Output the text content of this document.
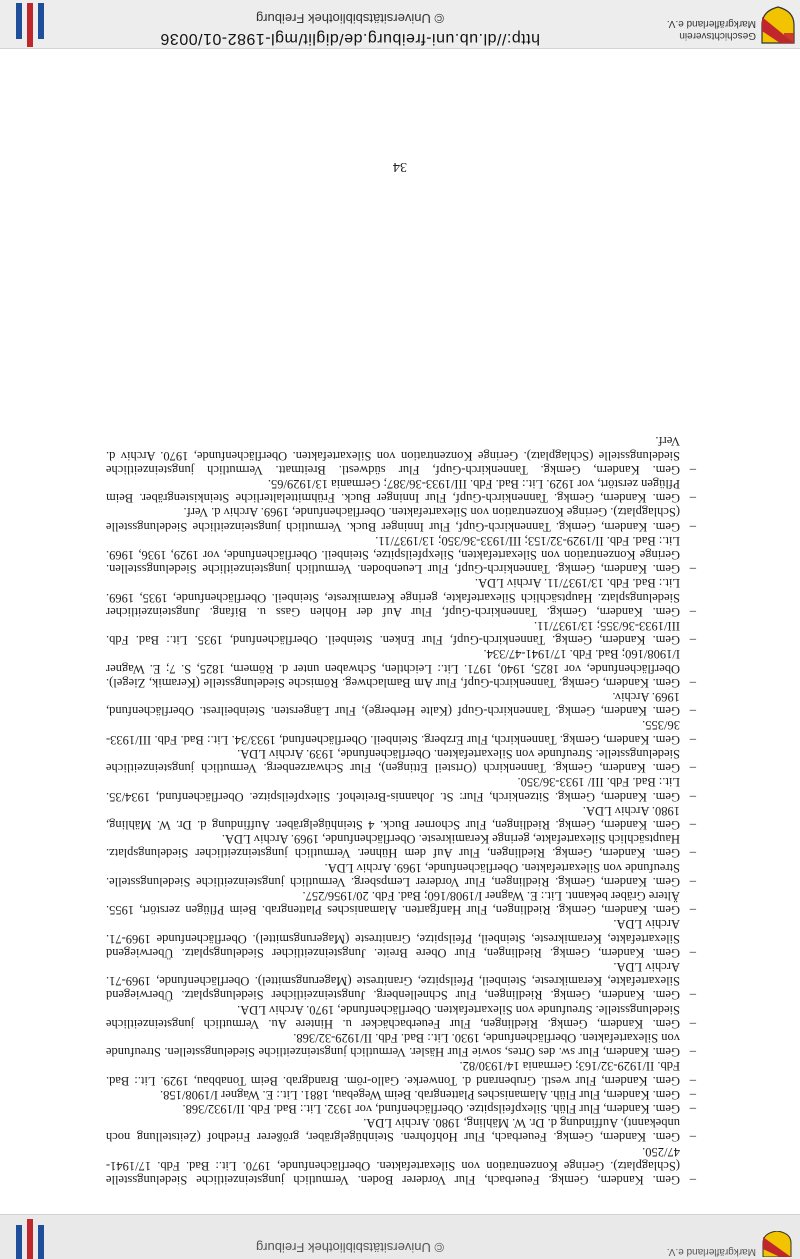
Markgräflerland e.V.
© Universitätsbibliothek Freiburg
–
Gem. Kandern, Gemkg. Feuerbach, Flur Vorderer Boden. Vermutlich jungsteinzeitliche Siedelungsstelle (Schlagplatz). Geringe Konzentration von Silexartefakten. Oberflächenfunde, 1970. Lit.: Bad. Fdb. 17/1941-47/250.
–
Gem. Kandern, Gemkg. Feuerbach, Flur Hohfohren. Steinhügelgräber, größerer Friedhof (Zeitstellung noch unbekannt). Auffindung d. Dr. W. Mähling, 1980. Archiv LDA.
–
Gem. Kandern, Flur Flüh. Silexpfeilspitze. Oberflächenfund, vor 1932. Lit.: Bad. Fdb. II/1932/368.
–
Gem. Kandern, Flur Flüh. Alamanisches Plattengrab. Beim Wegebau, 1881. Lit.: E. Wagner I/1908/158.
–
Gem. Kandern, Flur westl. Grubenrand d. Tonwerke. Gallo-röm. Brandgrab. Beim Tonabbau, 1929. Lit.: Bad. Fdb. II/1929-32/163; Germania 14/1930/82.
–
Gem. Kandern, Flur sw. des Ortes, sowie Flur Häsler. Vermutlich jungsteinzeitliche Siedelungsstellen. Streufunde von Silexartefakten. Oberflächenfunde, 1930. Lit.: Bad. Fdb. II/1929-32/368.
–
Gem. Kandern, Gemkg. Riedlingen, Flur Feuerbachäcker u. Hintere Au. Vermutlich jungsteinzeitliche Siedelungsstelle. Streufunde von Silexartefakten. Oberflächenfunde, 1970. Archiv LDA.
–
Gem. Kandern, Gemkg. Riedlingen, Flur Schnellenberg. Jungsteinzeitlicher Siedelungsplatz. Überwiegend Silexartefakte, Keramikreste, Steinbeil, Pfeilspitze, Granitreste (Magerungsmittel). Oberflächenfunde, 1969-71. Archiv LDA.
–
Gem. Kandern, Gemkg. Riedlingen, Flur Obere Breite. Jungsteinzeitlicher Siedelungsplatz. Überwiegend Silexartefakte, Keramikreste, Steinbeil, Pfeilspitze, Granitreste (Magerungsmittel). Oberflächenfunde 1969-71. Archiv LDA.
–
Gem. Kandern, Gemkg. Riedlingen, Flur Hanfgarten. Alamanisches Plattengrab. Beim Pflügen zerstört, 1955. Ältere Gräber bekannt. Lit.: E. Wagner I/1908/160; Bad. Fdb. 20/1956/257.
–
Gem. Kandern, Gemkg. Riedlingen, Flur Vorderer Lempsberg. Vermutlich jungsteinzeitliche Siedelungsstelle. Streufunde von Silexartefakten. Oberflächenfunde, 1969. Archiv LDA.
–
Gem. Kandern, Gemkg. Riedlingen, Flur Auf dem Hühner. Vermutlich jungsteinzeitlicher Siedelungsplatz. Hauptsächlich Silexartefakte, geringe Keramikreste. Oberflächenfunde, 1969. Archiv LDA.
–
Gem. Kandern, Gemkg. Riedlingen, Flur Schorner Buck. 4 Steinhügelgräber. Auffindung d. Dr. W. Mähling, 1980. Archiv LDA.
–
Gem. Kandern, Gemkg. Sitzenkirch, Flur: St. Johannis-Breitehof. Silexpfeilspitze. Oberflächenfund, 1934/35. Lit.: Bad. Fdb. III/ 1933-36/350.
–
Gem. Kandern, Gemkg. Tannenkirch (Ortsteil Ettingen), Flur Schwarzenberg. Vermutlich jungsteinzeitliche Siedelungsstelle. Streufunde von Silexartefakten. Oberflächenfunde, 1939. Archiv LDA.
–
Gem. Kandern, Gemkg. Tannenkirch, Flur Erzberg. Steinbeil. Oberflächenfund, 1933/34. Lit.: Bad. Fdb. III/1933-36/355.
–
Gem. Kandern, Gemkg. Tannenkirch-Gupf (Kalte Herberge), Flur Längersten. Steinbeilrest. Oberflächenfund, 1969. Archiv.
–
Gem. Kandern, Gemkg. Tannenkirch-Gupf, Flur Am Bamlachweg. Römische Siedelungsstelle (Keramik, Ziegel). Oberflächenfunde, vor 1825, 1940, 1971. Lit.: Leichtlen, Schwaben unter d. Römern, 1825, S. 7; E. Wagner I/1908/160; Bad. Fdb. 17/1941-47/334.
–
Gem. Kandern, Gemkg. Tannenkirch-Gupf, Flur Enken. Steinbeil. Oberflächenfund, 1935. Lit.: Bad. Fdb. III/1933-36/355; 13/1937/11.
–
Gem. Kandern, Gemkg. Tannenkirch-Gupf, Flur Auf der Hohlen Gass u. Bifang. Jungsteinzeitlicher Siedelungsplatz. Hauptsächlich Silexartefakte, geringe Keramikreste, Steinbeil. Oberflächenfunde, 1935, 1969. Lit.: Bad. Fdb. 13/1937/11. Archiv LDA.
–
Gem. Kandern, Gemkg. Tannenkirch-Gupf, Flur Leuenboden. Vermutlich jungsteinzeitliche Siedelungsstellen. Geringe Konzentration von Silexartefakten, Silexpfeilspitze, Steinbeil. Oberflächenfunde, vor 1929, 1936, 1969. Lit.: Bad. Fdb. II/1929-32/153; III/1933-36/350; 13/1937/11.
–
Gem. Kandern, Gemkg. Tannenkirch-Gupf, Flur Inninger Buck. Vermutlich jungsteinzeitliche Siedelungsstelle (Schlagplatz). Geringe Konzentration von Silexartefakten. Oberflächenfunde, 1969. Archiv d. Verf.
–
Gem. Kandern, Gemkg. Tannenkirch-Gupf, Flur Inninger Buck. Frühmittelalterliche Steinkistengräber. Beim Pflügen zerstört, vor 1929. Lit.: Bad. Fdb. III/1933-36/387; Germania 13/1929/65.
–
Gem. Kandern, Gemkg. Tannenkirch-Gupf, Flur südwestl. Breitmatt. Vermutlich jungsteinzeitliche Siedelungsstelle (Schlagplatz). Geringe Konzentration von Silexartefakten. Oberflächenfunde, 1970. Archiv d. Verf.
34
Geschichtsverein
Markgräflerland e.V.
http://dl.ub.uni-freiburg.de/diglit/mgl-1982-01/0036
© Universitätsbibliothek Freiburg
